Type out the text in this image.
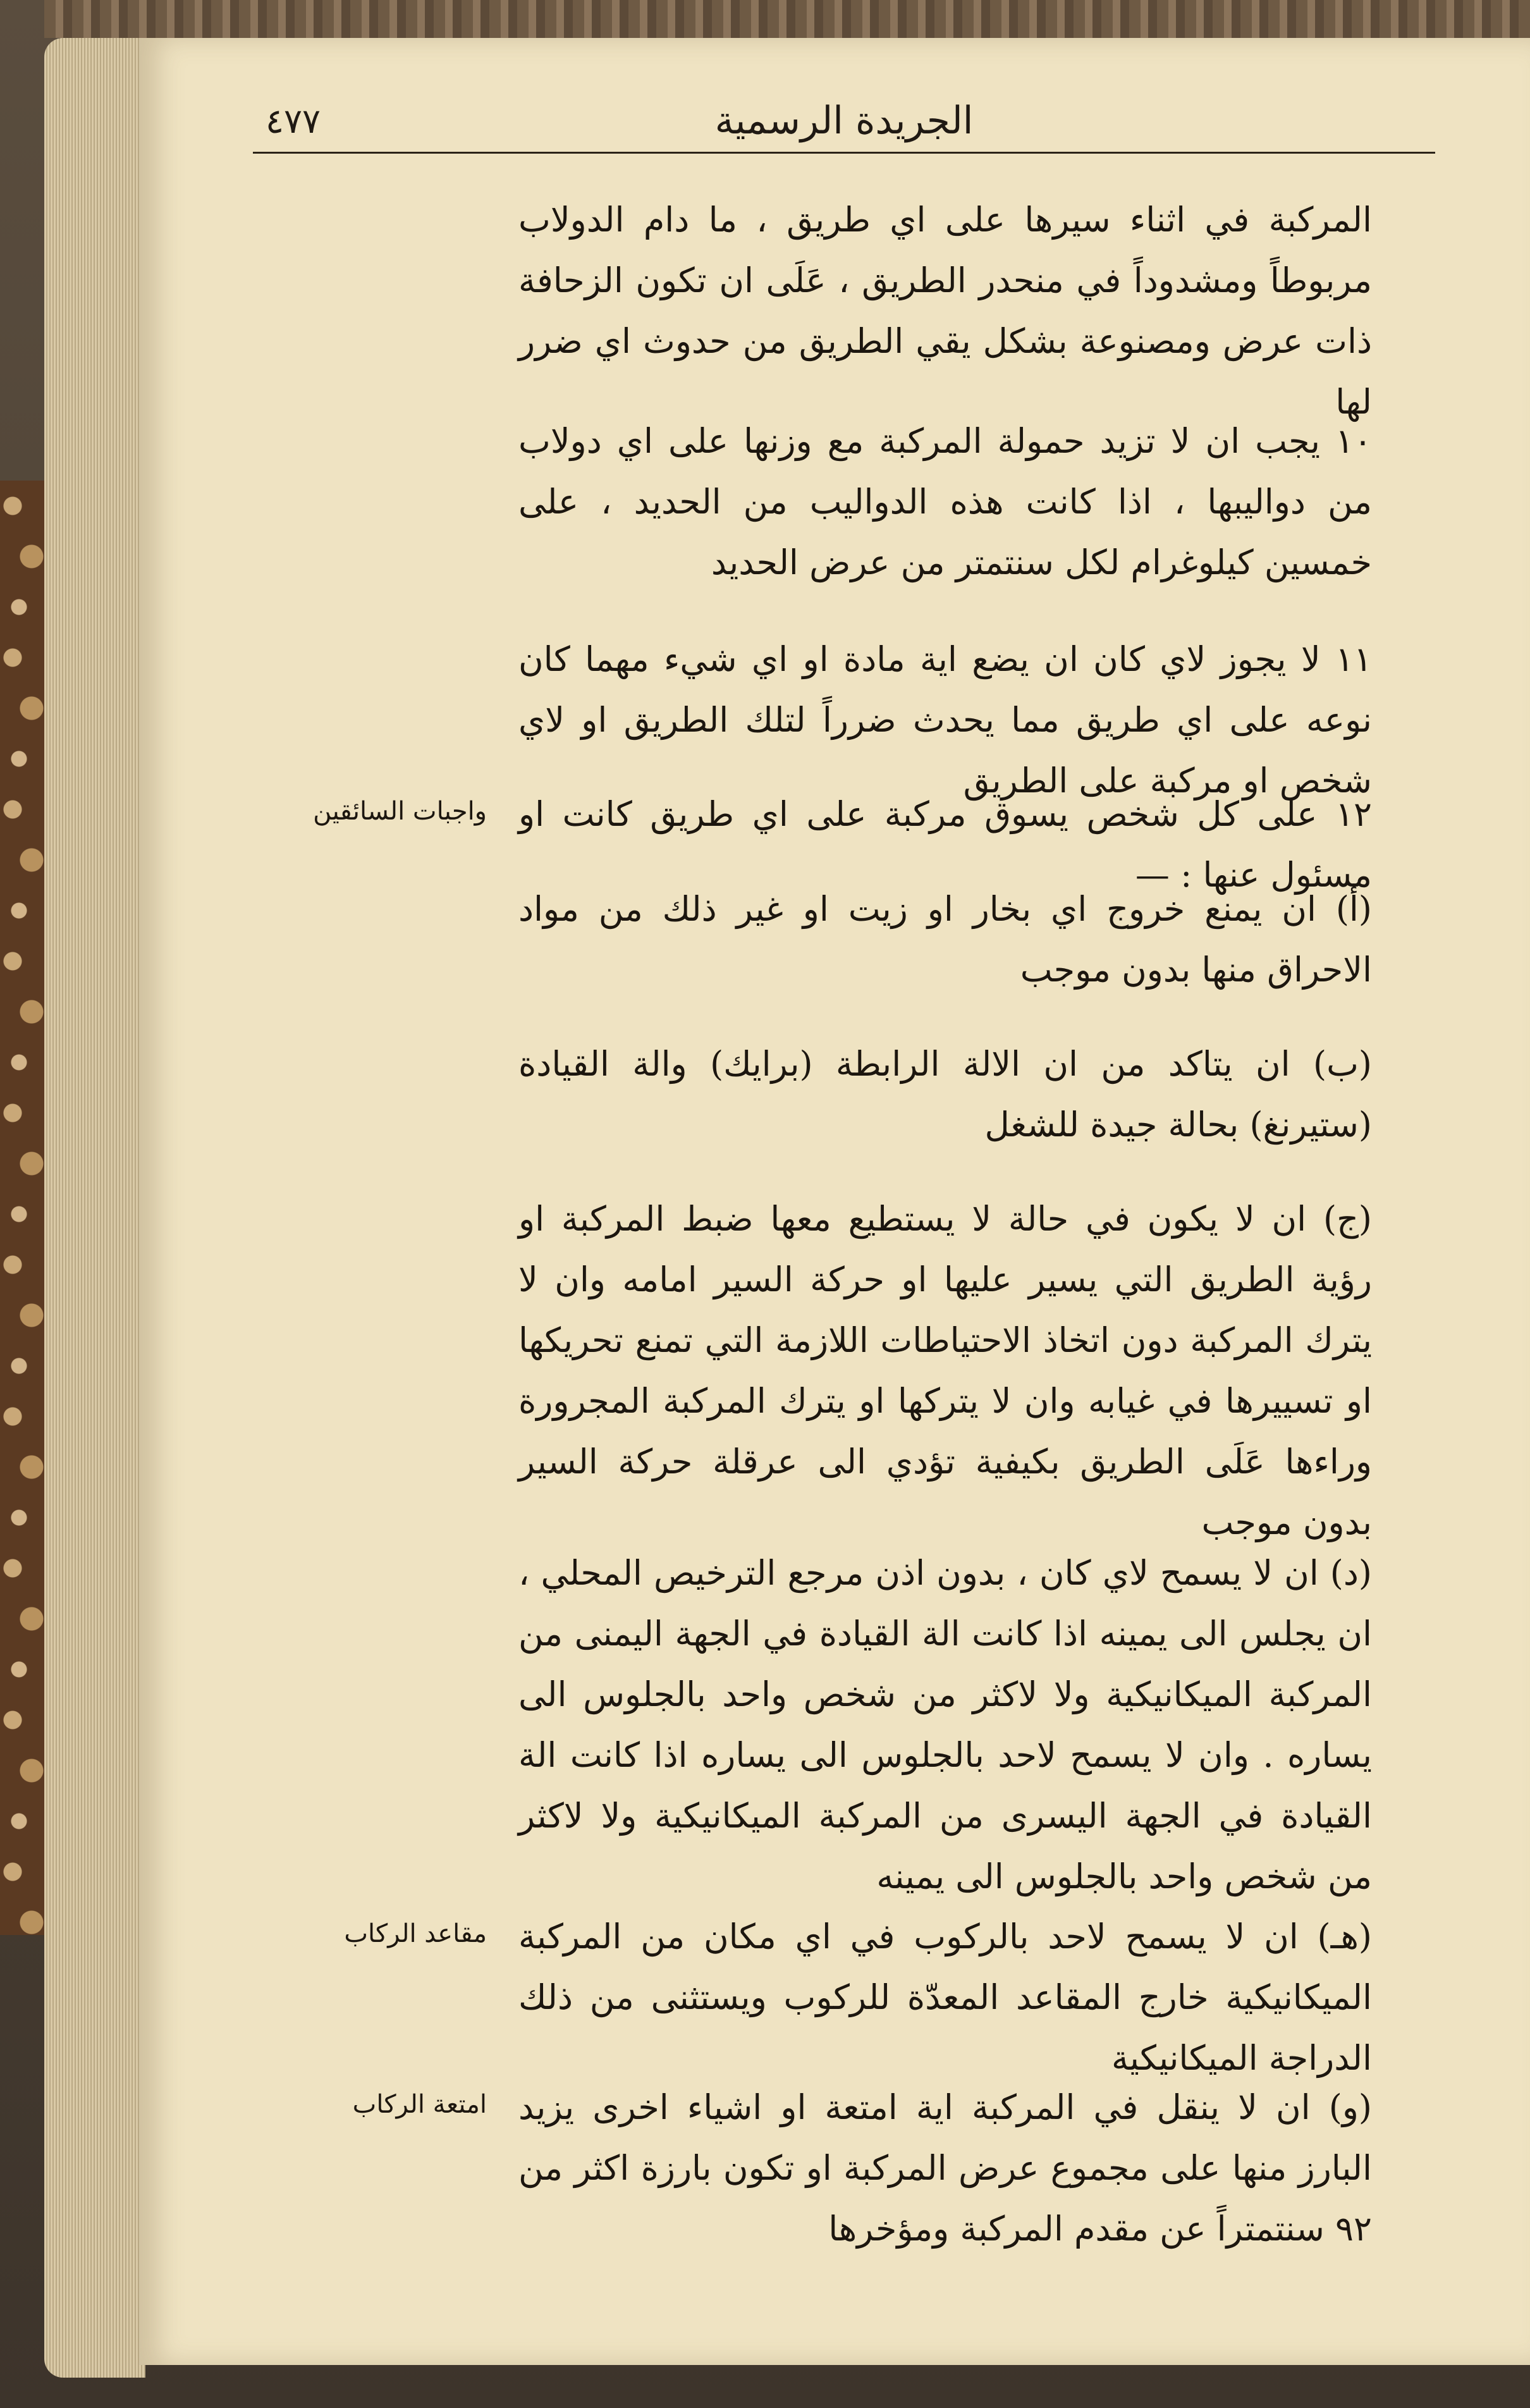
٤٧٧	الجريدة الرسمية

المركبة في اثناء سيرها على اي طريق ، ما دام الدولاب مربوطاً ومشدوداً في منحدر الطريق ، عَلَى ان تكون الزحافة ذات عرض ومصنوعة بشكل يقي الطريق من حدوث اي ضرر لها

١٠ يجب ان لا تزيد حمولة المركبة مع وزنها على اي دولاب من دواليبها ، اذا كانت هذه الدواليب من الحديد ، على خمسين كيلوغرام لكل سنتمتر من عرض الحديد

١١ لا يجوز لاي كان ان يضع اية مادة او اي شيء مهما كان نوعه على اي طريق مما يحدث ضرراً لتلك الطريق او لاي شخص او مركبة على الطريق

١٢ على كل شخص يسوق مركبة على اي طريق كانت او مسئول عنها : —

واجبات السائقين

(أ) ان يمنع خروج اي بخار او زيت او غير ذلك من مواد الاحراق منها بدون موجب

(ب) ان يتاكد من ان الالة الرابطة (برايك) والة القيادة (ستيرنغ) بحالة جيدة للشغل

(ج) ان لا يكون في حالة لا يستطيع معها ضبط المركبة او رؤية الطريق التي يسير عليها او حركة السير امامه وان لا يترك المركبة دون اتخاذ الاحتياطات اللازمة التي تمنع تحريكها او تسييرها في غيابه وان لا يتركها او يترك المركبة المجرورة وراءها عَلَى الطريق بكيفية تؤدي الى عرقلة حركة السير بدون موجب

(د) ان لا يسمح لاي كان ، بدون اذن مرجع الترخيص المحلي ، ان يجلس الى يمينه اذا كانت الة القيادة في الجهة اليمنى من المركبة الميكانيكية ولا لاكثر من شخص واحد بالجلوس الى يساره . وان لا يسمح لاحد بالجلوس الى يساره اذا كانت الة القيادة في الجهة اليسرى من المركبة الميكانيكية ولا لاكثر من شخص واحد بالجلوس الى يمينه

(هـ) ان لا يسمح لاحد بالركوب في اي مكان من المركبة الميكانيكية خارج المقاعد المعدّة للركوب ويستثنى من ذلك الدراجة الميكانيكية

مقاعد الركاب

(و) ان لا ينقل في المركبة اية امتعة او اشياء اخرى يزيد البارز منها على مجموع عرض المركبة او تكون بارزة اكثر من ٩٢ سنتمتراً عن مقدم المركبة ومؤخرها

امتعة الركاب
